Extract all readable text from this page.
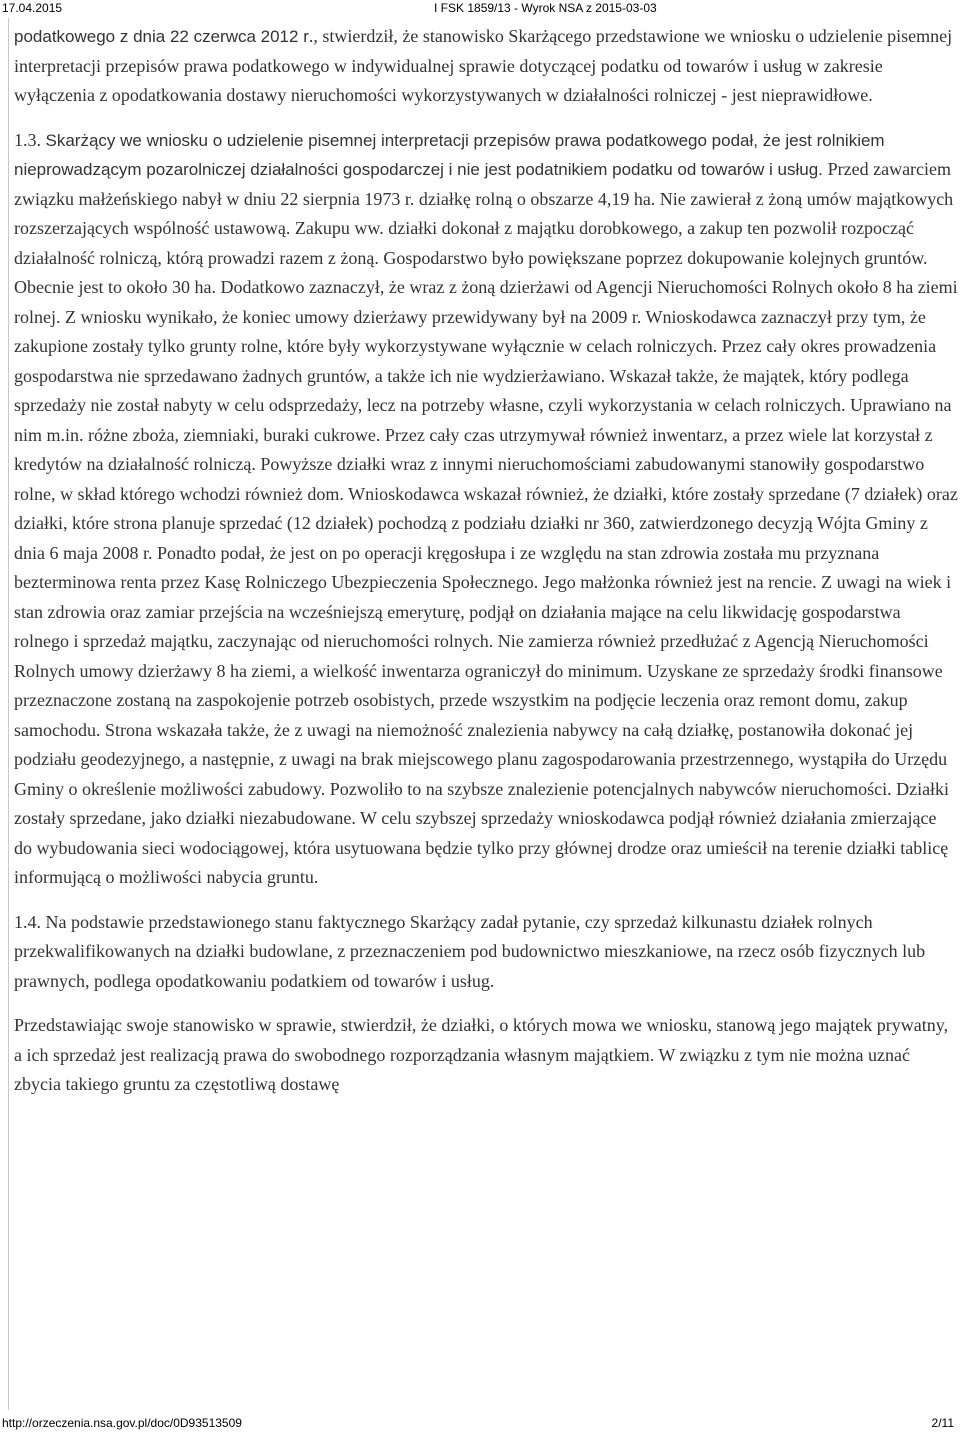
17.04.2015	I FSK 1859/13 - Wyrok NSA z 2015-03-03

podatkowego z dnia 22 czerwca 2012 r., stwierdził, że stanowisko Skarżącego przedstawione we wniosku o udzielenie pisemnej interpretacji przepisów prawa podatkowego w indywidualnej sprawie dotyczącej podatku od towarów i usług w zakresie wyłączenia z opodatkowania dostawy nieruchomości wykorzystywanych w działalności rolniczej - jest nieprawidłowe.

1.3. Skarżący we wniosku o udzielenie pisemnej interpretacji przepisów prawa podatkowego podał, że jest rolnikiem nieprowadzącym pozarolniczej działalności gospodarczej i nie jest podatnikiem podatku od towarów i usług. Przed zawarciem związku małżeńskiego nabył w dniu 22 sierpnia 1973 r. działkę rolną o obszarze 4,19 ha. Nie zawierał z żoną umów majątkowych rozszerzających wspólność ustawową. Zakupu ww. działki dokonał z majątku dorobkowego, a zakup ten pozwolił rozpocząć działalność rolniczą, którą prowadzi razem z żoną. Gospodarstwo było powiększane poprzez dokupowanie kolejnych gruntów. Obecnie jest to około 30 ha. Dodatkowo zaznaczył, że wraz z żoną dzierżawi od Agencji Nieruchomości Rolnych około 8 ha ziemi rolnej. Z wniosku wynikało, że koniec umowy dzierżawy przewidywany był na 2009 r. Wnioskodawca zaznaczył przy tym, że zakupione zostały tylko grunty rolne, które były wykorzystywane wyłącznie w celach rolniczych. Przez cały okres prowadzenia gospodarstwa nie sprzedawano żadnych gruntów, a także ich nie wydzierżawiano. Wskazał także, że majątek, który podlega sprzedaży nie został nabyty w celu odsprzedaży, lecz na potrzeby własne, czyli wykorzystania w celach rolniczych. Uprawiano na nim m.in. różne zboża, ziemniaki, buraki cukrowe. Przez cały czas utrzymywał również inwentarz, a przez wiele lat korzystał z kredytów na działalność rolniczą. Powyższe działki wraz z innymi nieruchomościami zabudowanymi stanowiły gospodarstwo rolne, w skład którego wchodzi również dom. Wnioskodawca wskazał również, że działki, które zostały sprzedane (7 działek) oraz działki, które strona planuje sprzedać (12 działek) pochodzą z podziału działki nr 360, zatwierdzonego decyzją Wójta Gminy z dnia 6 maja 2008 r. Ponadto podał, że jest on po operacji kręgosłupa i ze względu na stan zdrowia została mu przyznana bezterminowa renta przez Kasę Rolniczego Ubezpieczenia Społecznego. Jego małżonka również jest na rencie. Z uwagi na wiek i stan zdrowia oraz zamiar przejścia na wcześniejszą emeryturę, podjął on działania mające na celu likwidację gospodarstwa rolnego i sprzedaż majątku, zaczynając od nieruchomości rolnych. Nie zamierza również przedłużać z Agencją Nieruchomości Rolnych umowy dzierżawy 8 ha ziemi, a wielkość inwentarza ograniczył do minimum. Uzyskane ze sprzedaży środki finansowe przeznaczone zostaną na zaspokojenie potrzeb osobistych, przede wszystkim na podjęcie leczenia oraz remont domu, zakup samochodu. Strona wskazała także, że z uwagi na niemożność znalezienia nabywcy na całą działkę, postanowiła dokonać jej podziału geodezyjnego, a następnie, z uwagi na brak miejscowego planu zagospodarowania przestrzennego, wystąpiła do Urzędu Gminy o określenie możliwości zabudowy. Pozwoliło to na szybsze znalezienie potencjalnych nabywców nieruchomości. Działki zostały sprzedane, jako działki niezabudowane. W celu szybszej sprzedaży wnioskodawca podjął również działania zmierzające do wybudowania sieci wodociągowej, która usytuowana będzie tylko przy głównej drodze oraz umieścił na terenie działki tablicę informującą o możliwości nabycia gruntu.

1.4. Na podstawie przedstawionego stanu faktycznego Skarżący zadał pytanie, czy sprzedaż kilkunastu działek rolnych przekwalifikowanych na działki budowlane, z przeznaczeniem pod budownictwo mieszkaniowe, na rzecz osób fizycznych lub prawnych, podlega opodatkowaniu podatkiem od towarów i usług.

Przedstawiając swoje stanowisko w sprawie, stwierdził, że działki, o których mowa we wniosku, stanową jego majątek prywatny, a ich sprzedaż jest realizacją prawa do swobodnego rozporządzania własnym majątkiem. W związku z tym nie można uznać zbycia takiego gruntu za częstotliwą dostawę

http://orzeczenia.nsa.gov.pl/doc/0D93513509	2/11
